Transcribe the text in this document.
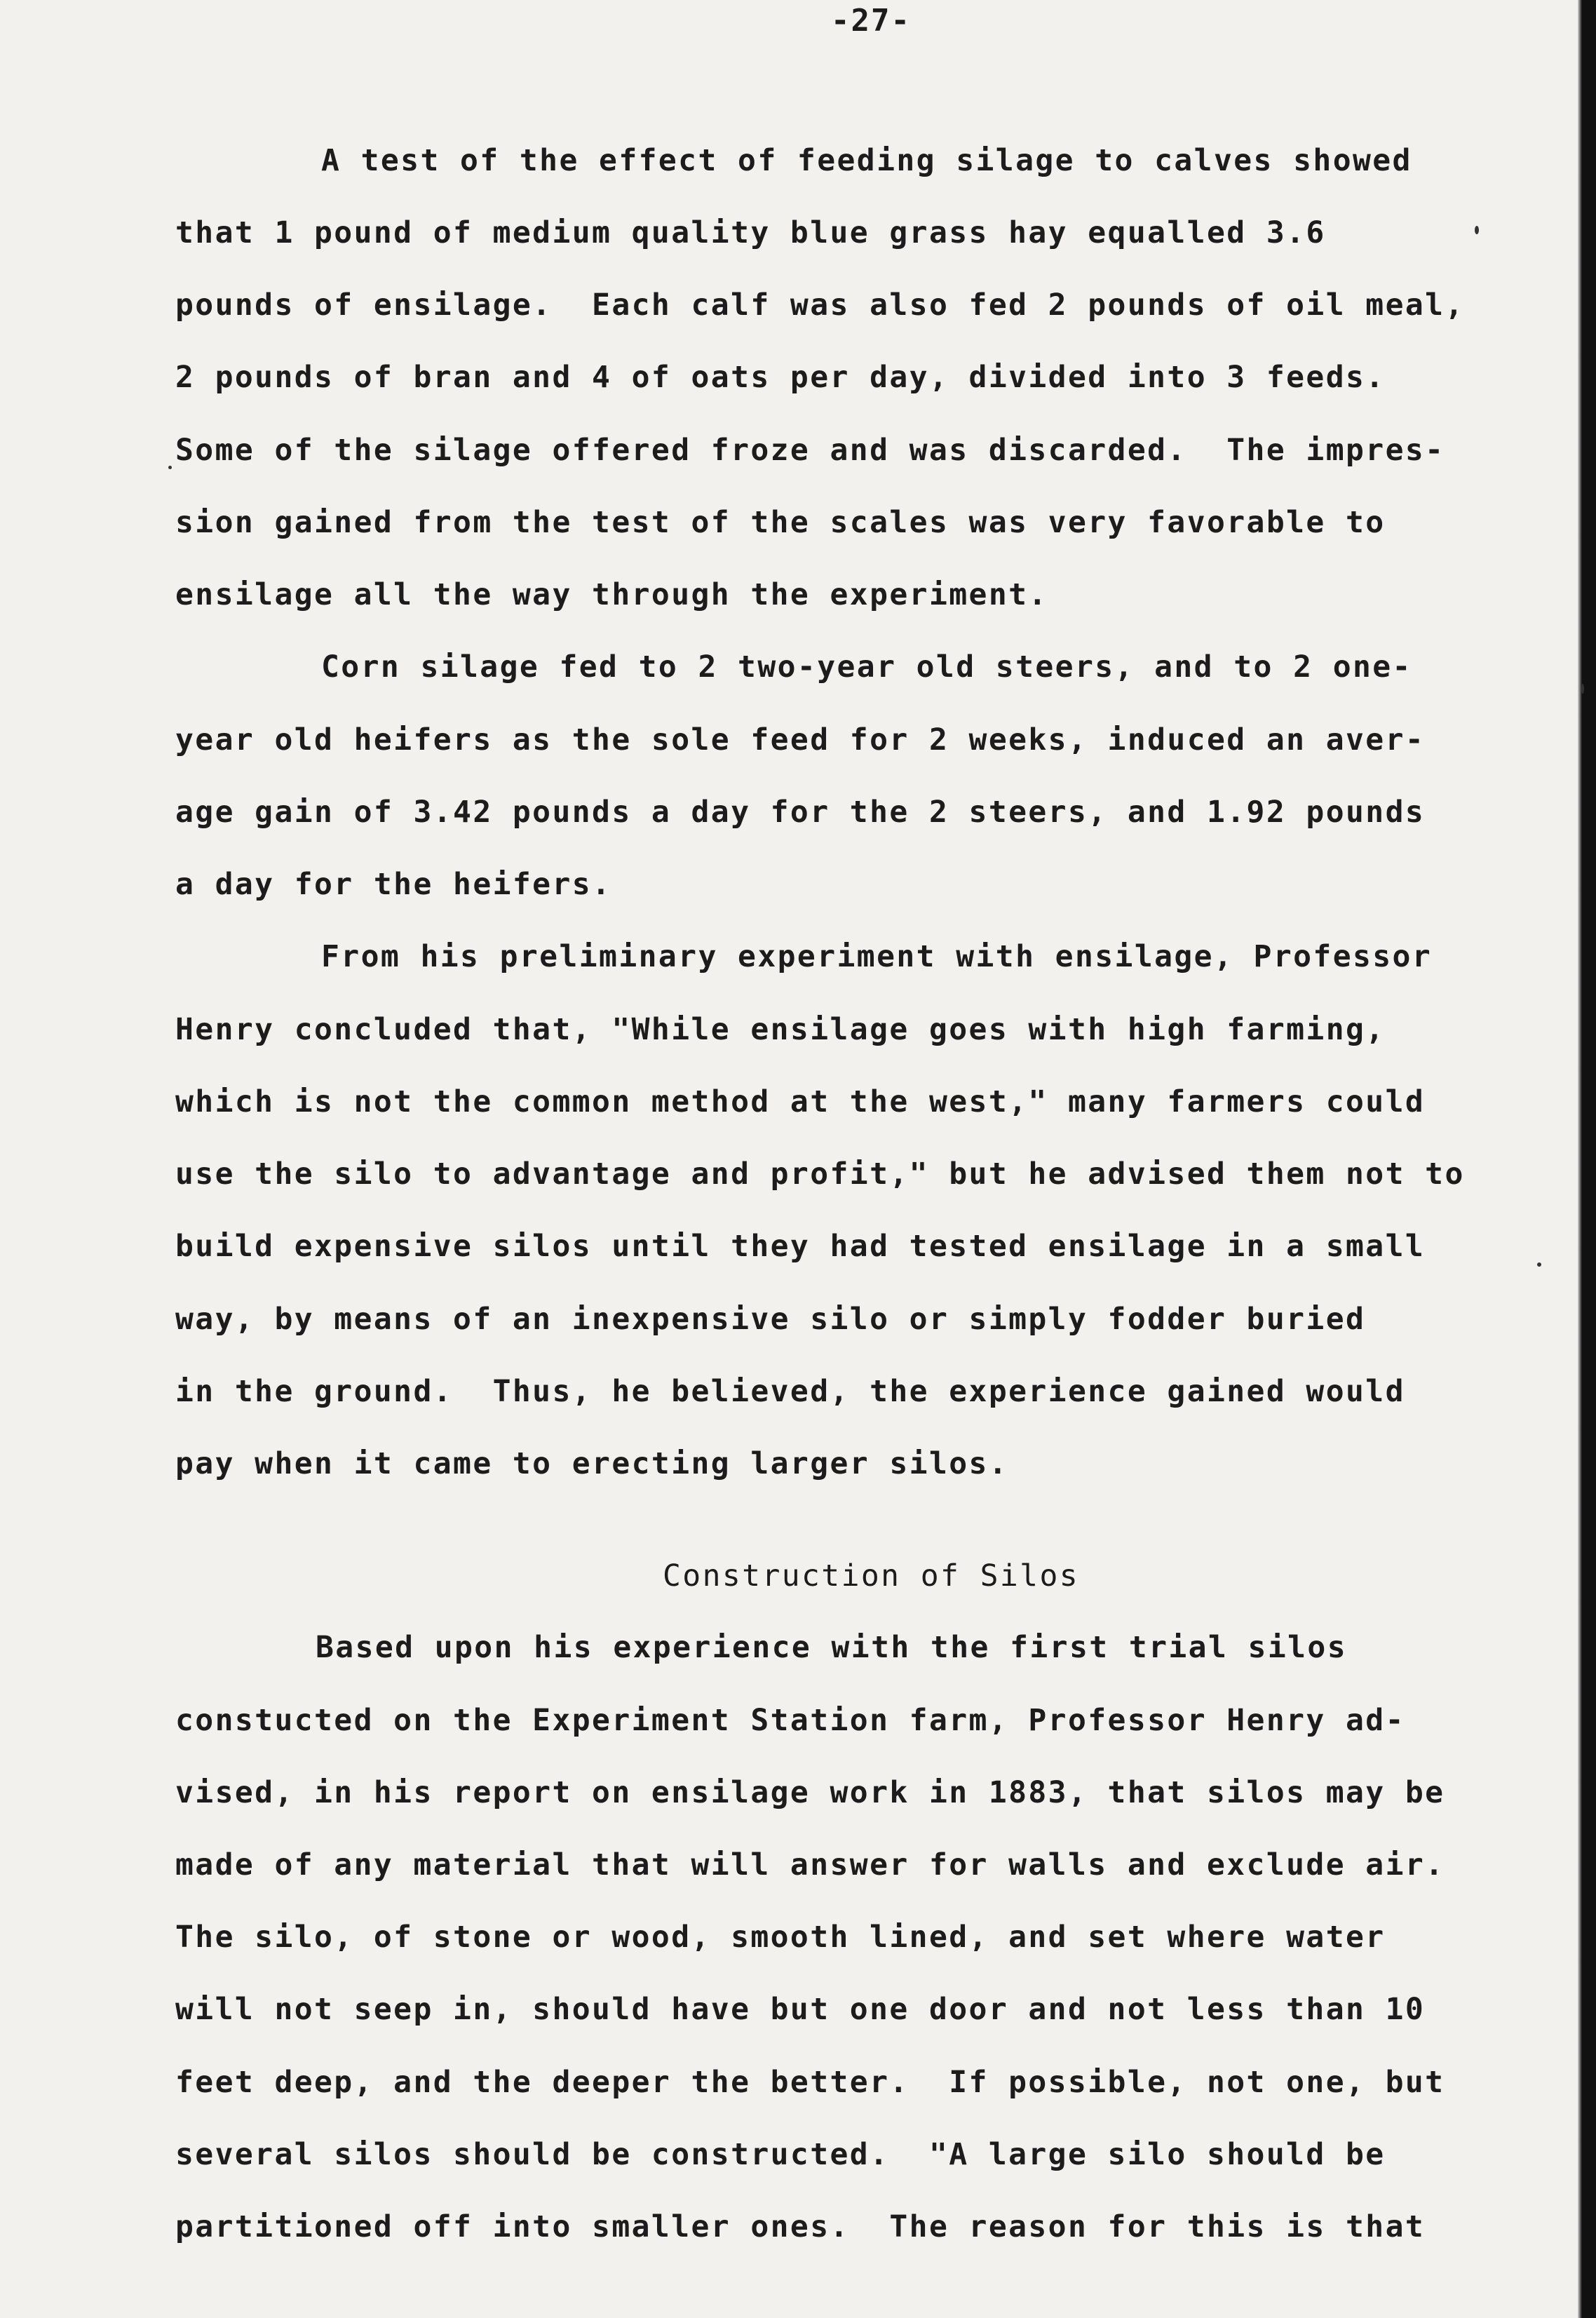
-27-
A test of the effect of feeding silage to calves showed
that 1 pound of medium quality blue grass hay equalled 3.6
pounds of ensilage.  Each calf was also fed 2 pounds of oil meal,
2 pounds of bran and 4 of oats per day, divided into 3 feeds.
Some of the silage offered froze and was discarded.  The impres-
sion gained from the test of the scales was very favorable to
ensilage all the way through the experiment.
Corn silage fed to 2 two-year old steers, and to 2 one-
year old heifers as the sole feed for 2 weeks, induced an aver-
age gain of 3.42 pounds a day for the 2 steers, and 1.92 pounds
a day for the heifers.
From his preliminary experiment with ensilage, Professor
Henry concluded that, "While ensilage goes with high farming,
which is not the common method at the west," many farmers could
use the silo to advantage and profit," but he advised them not to
build expensive silos until they had tested ensilage in a small
way, by means of an inexpensive silo or simply fodder buried
in the ground.  Thus, he believed, the experience gained would
pay when it came to erecting larger silos.
Construction of Silos
Based upon his experience with the first trial silos
constucted on the Experiment Station farm, Professor Henry ad-
vised, in his report on ensilage work in 1883, that silos may be
made of any material that will answer for walls and exclude air.
The silo, of stone or wood, smooth lined, and set where water
will not seep in, should have but one door and not less than 10
feet deep, and the deeper the better.  If possible, not one, but
several silos should be constructed.  "A large silo should be
partitioned off into smaller ones.  The reason for this is that
